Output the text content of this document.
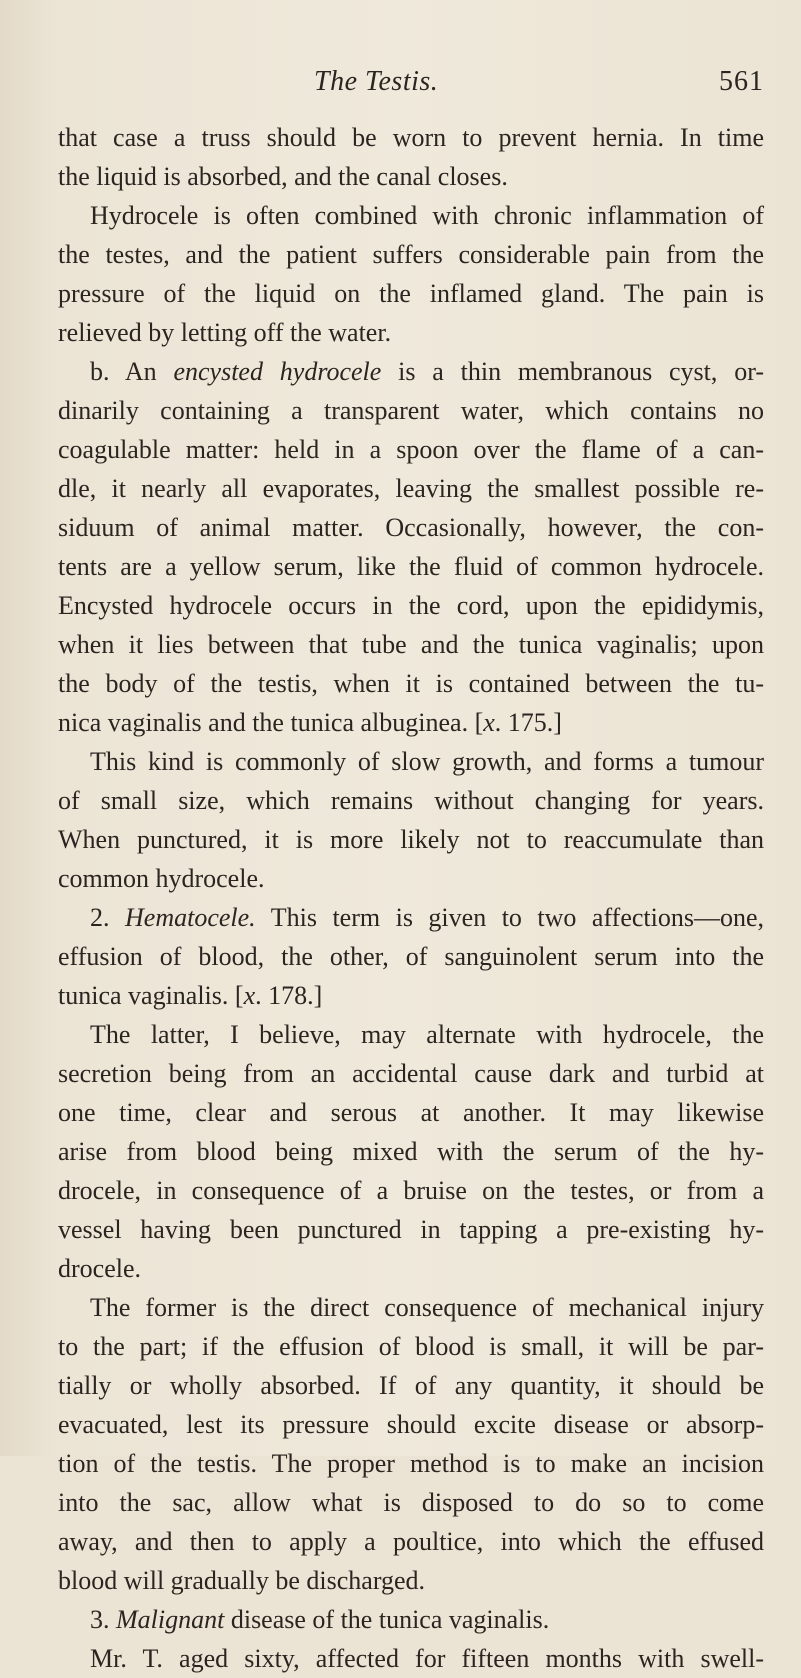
The Testis.	561
that case a truss should be worn to prevent hernia. In time
the liquid is absorbed, and the canal closes.
Hydrocele is often combined with chronic inflammation of
the testes, and the patient suffers considerable pain from the
pressure of the liquid on the inflamed gland. The pain is
relieved by letting off the water.
b. An encysted hydrocele is a thin membranous cyst, or-
dinarily containing a transparent water, which contains no
coagulable matter: held in a spoon over the flame of a can-
dle, it nearly all evaporates, leaving the smallest possible re-
siduum of animal matter. Occasionally, however, the con-
tents are a yellow serum, like the fluid of common hydrocele.
Encysted hydrocele occurs in the cord, upon the epididymis,
when it lies between that tube and the tunica vaginalis; upon
the body of the testis, when it is contained between the tu-
nica vaginalis and the tunica albuginea. [x. 175.]
This kind is commonly of slow growth, and forms a tumour
of small size, which remains without changing for years.
When punctured, it is more likely not to reaccumulate than
common hydrocele.
2. Hematocele. This term is given to two affections—one,
effusion of blood, the other, of sanguinolent serum into the
tunica vaginalis. [x. 178.]
The latter, I believe, may alternate with hydrocele, the
secretion being from an accidental cause dark and turbid at
one time, clear and serous at another. It may likewise
arise from blood being mixed with the serum of the hy-
drocele, in consequence of a bruise on the testes, or from a
vessel having been punctured in tapping a pre-existing hy-
drocele.
The former is the direct consequence of mechanical injury
to the part; if the effusion of blood is small, it will be par-
tially or wholly absorbed. If of any quantity, it should be
evacuated, lest its pressure should excite disease or absorp-
tion of the testis. The proper method is to make an incision
into the sac, allow what is disposed to do so to come
away, and then to apply a poultice, into which the effused
blood will gradually be discharged.
3. Malignant disease of the tunica vaginalis.
Mr. T. aged sixty, affected for fifteen months with swell-
